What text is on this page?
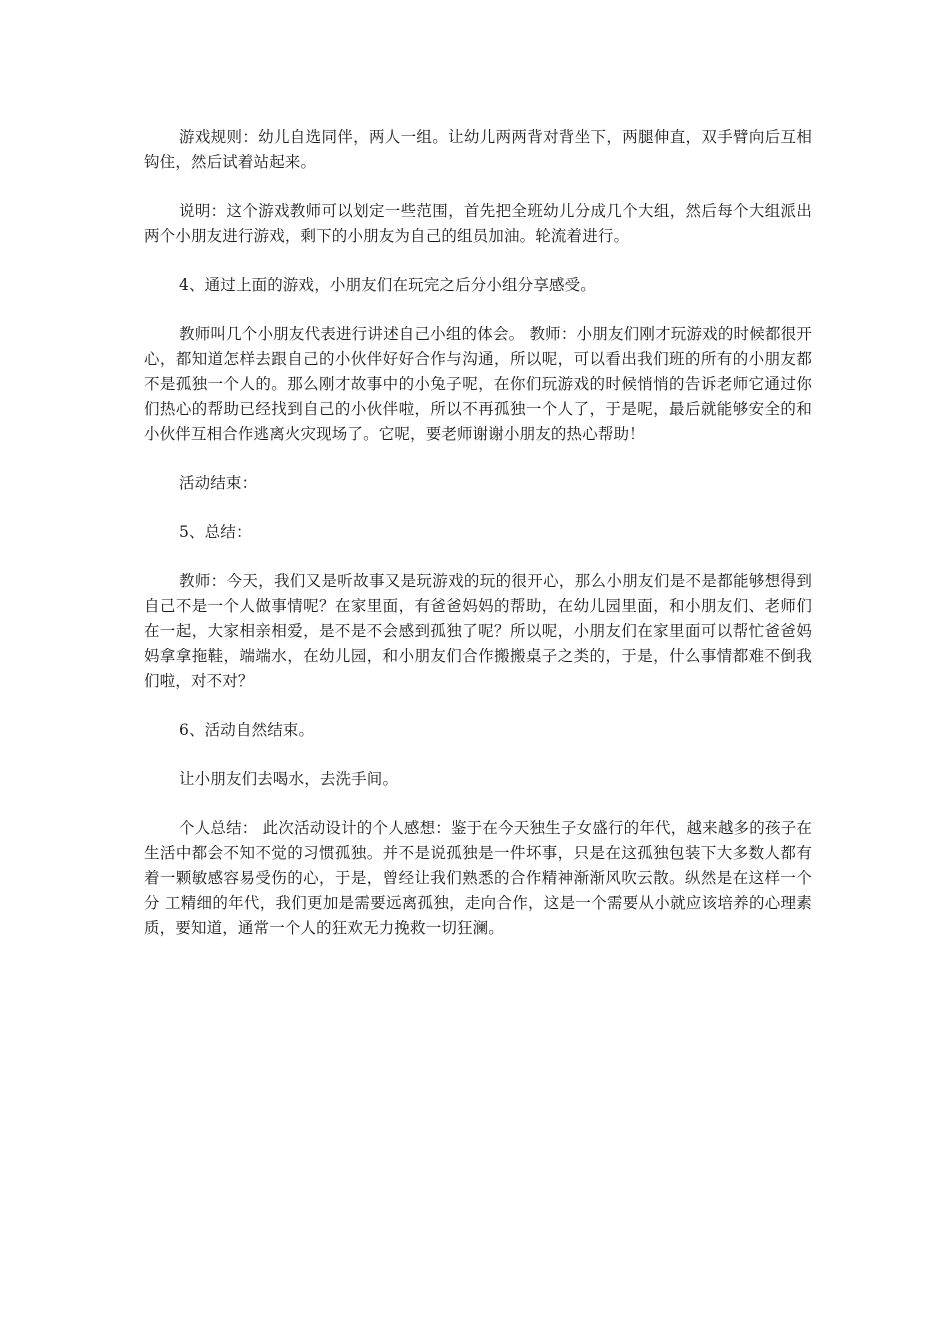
游戏规则：幼儿自选同伴，两人一组。让幼儿两两背对背坐下，两腿伸直，双手臂向后互相钩住，然后试着站起来。

说明：这个游戏教师可以划定一些范围，首先把全班幼儿分成几个大组，然后每个大组派出两个小朋友进行游戏，剩下的小朋友为自己的组员加油。轮流着进行。

4、通过上面的游戏，小朋友们在玩完之后分小组分享感受。

教师叫几个小朋友代表进行讲述自己小组的体会。 教师：小朋友们刚才玩游戏的时候都很开心，都知道怎样去跟自己的小伙伴好好合作与沟通，所以呢，可以看出我们班的所有的小朋友都不是孤独一个人的。那么刚才故事中的小兔子呢，在你们玩游戏的时候悄悄的告诉老师它通过你们热心的帮助已经找到自己的小伙伴啦，所以不再孤独一个人了，于是呢，最后就能够安全的和小伙伴互相合作逃离火灾现场了。它呢，要老师谢谢小朋友的热心帮助！

活动结束：

5、总结：

教师：今天，我们又是听故事又是玩游戏的玩的很开心，那么小朋友们是不是都能够想得到自己不是一个人做事情呢？在家里面，有爸爸妈妈的帮助，在幼儿园里面，和小朋友们、老师们在一起，大家相亲相爱，是不是不会感到孤独了呢？所以呢，小朋友们在家里面可以帮忙爸爸妈妈拿拿拖鞋，端端水，在幼儿园，和小朋友们合作搬搬桌子之类的，于是，什么事情都难不倒我们啦，对不对？

6、活动自然结束。

让小朋友们去喝水，去洗手间。

个人总结： 此次活动设计的个人感想：鉴于在今天独生子女盛行的年代，越来越多的孩子在生活中都会不知不觉的习惯孤独。并不是说孤独是一件坏事，只是在这孤独包装下大多数人都有着一颗敏感容易受伤的心，于是，曾经让我们熟悉的合作精神渐渐风吹云散。纵然是在这样一个分 工精细的年代，我们更加是需要远离孤独，走向合作，这是一个需要从小就应该培养的心理素质，要知道，通常一个人的狂欢无力挽救一切狂澜。
